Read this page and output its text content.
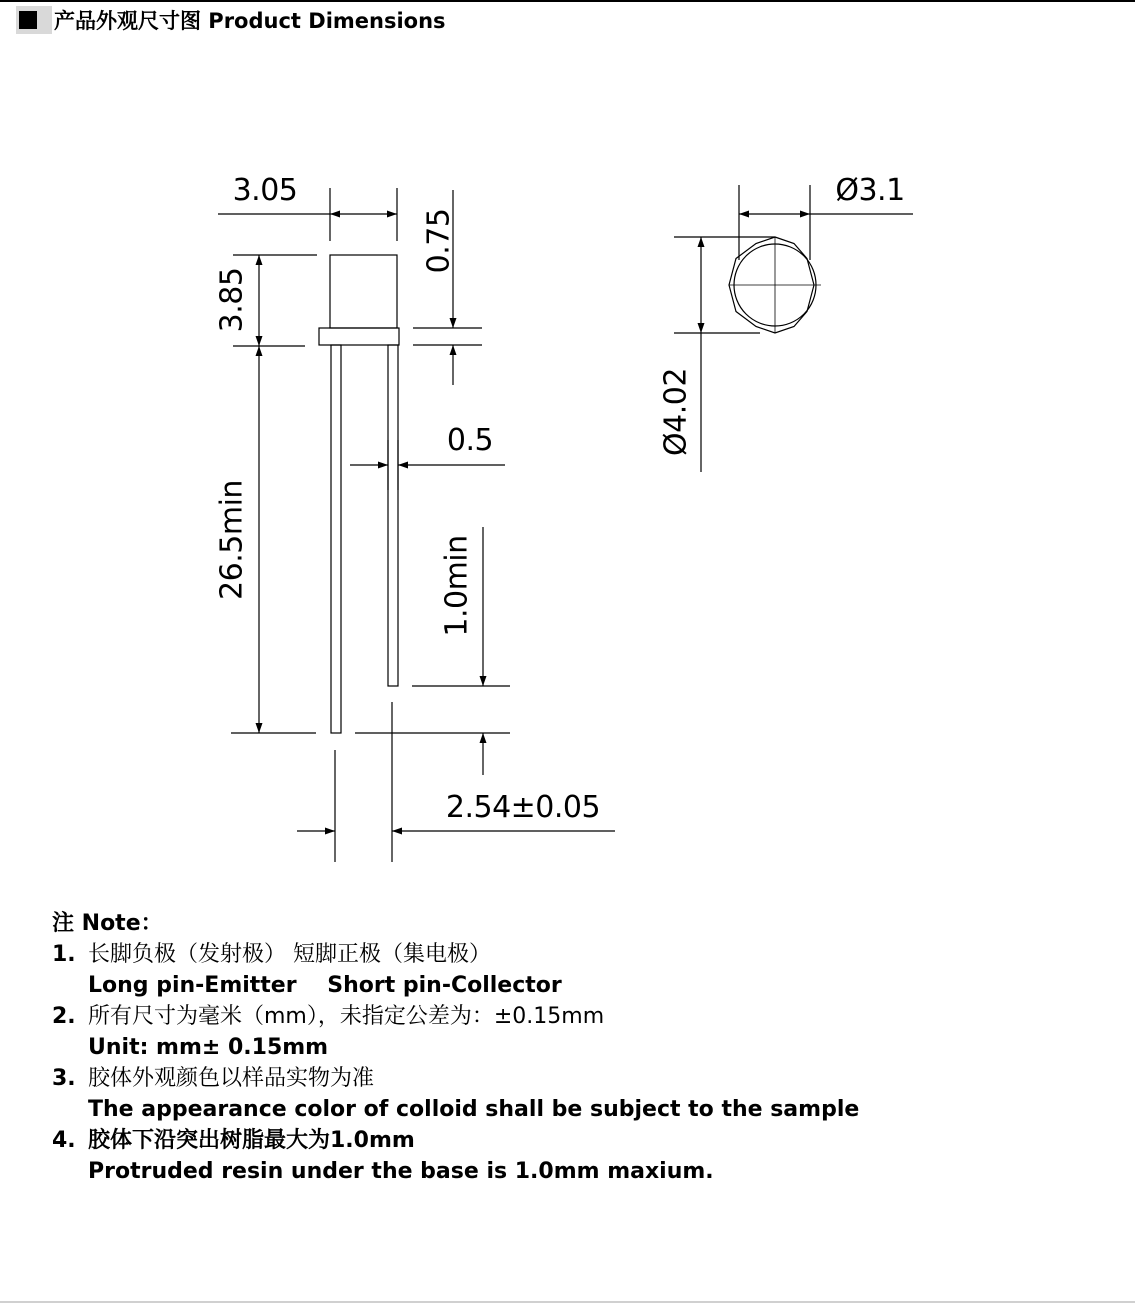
产品外观尺寸图 Product Dimensions
3.05
0.75
3.85
26.5min
0.5
1.0min
2.54±0.05
Ø3.1
Ø4.02
注 Note：
1. 长脚负极（发射极） 短脚正极（集电极）
Long pin-Emitter    Short pin-Collector
2. 所有尺寸为毫米（mm），未指定公差为：±0.15mm
Unit: mm± 0.15mm
3. 胶体外观颜色以样品实物为准
The appearance color of colloid shall be subject to the sample
4. 胶体下沿突出树脂最大为1.0mm
Protruded resin under the base is 1.0mm maxium.
